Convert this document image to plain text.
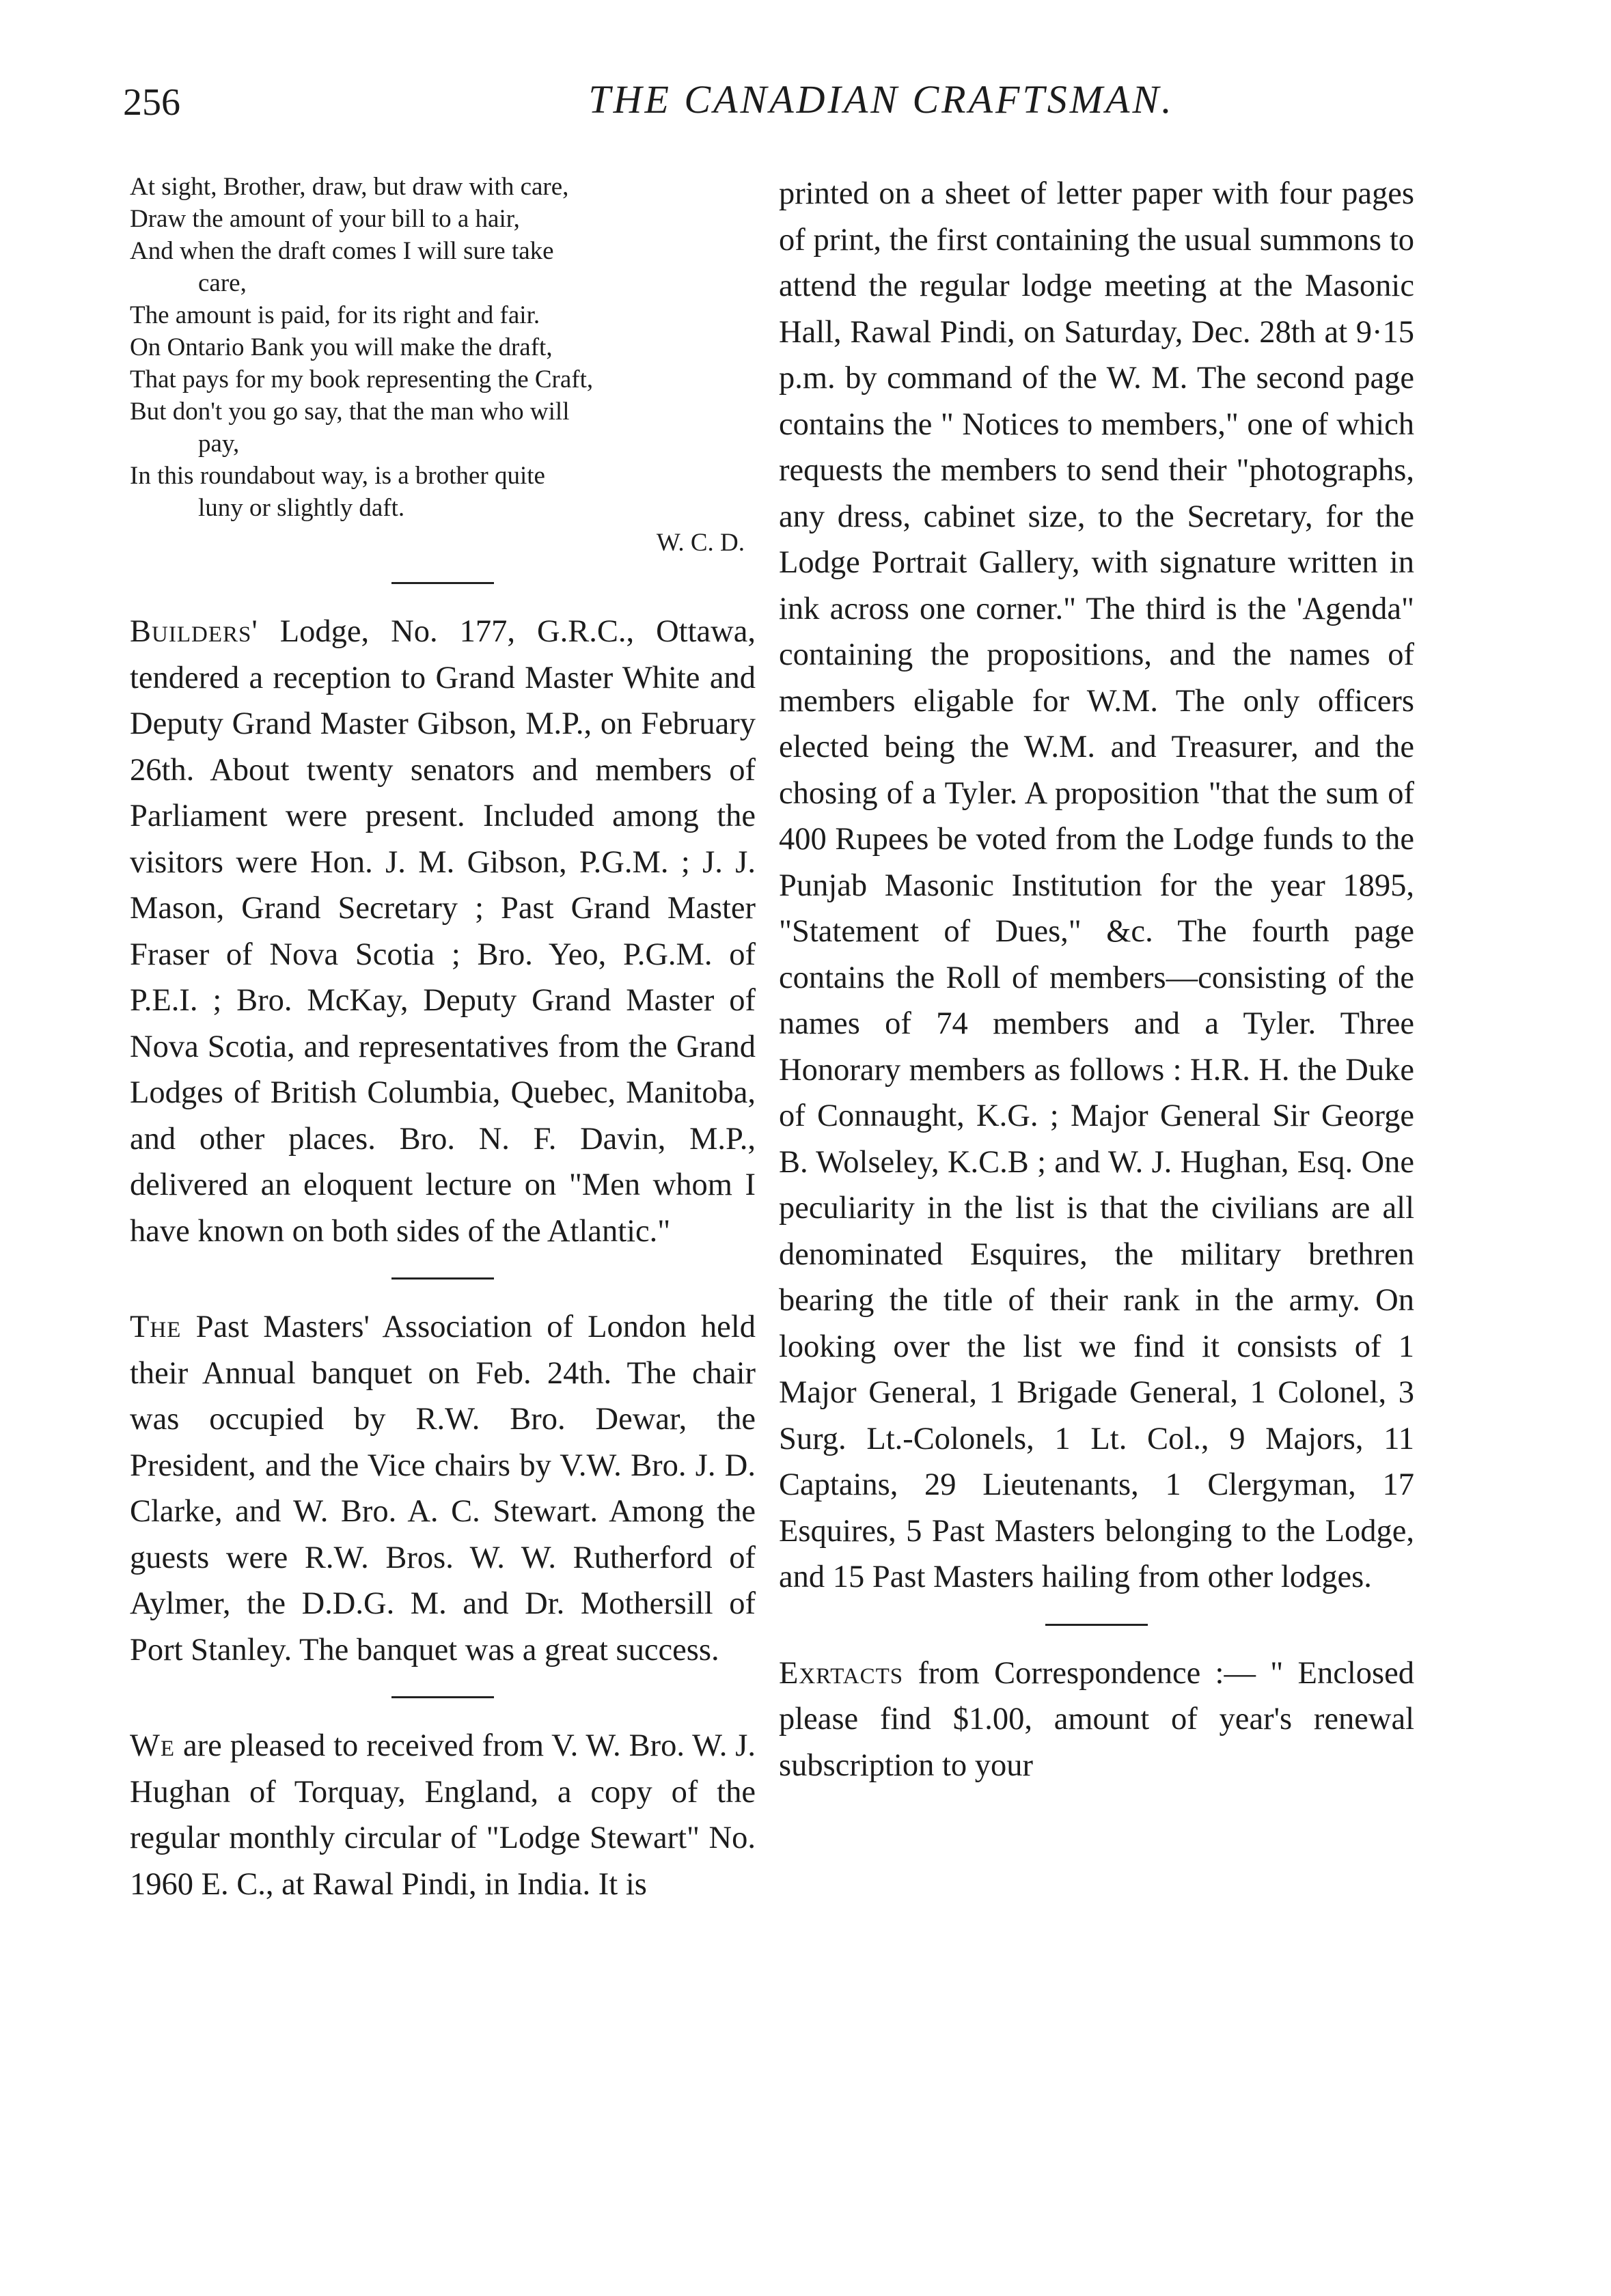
256	THE CANADIAN CRAFTSMAN.
At sight, Brother, draw, but draw with care,
Draw the amount of your bill to a hair,
And when the draft comes I will sure take
care,
The amount is paid, for its right and fair.
On Ontario Bank you will make the draft,
That pays for my book representing the Craft,
But don't you go say, that the man who will
pay,
In this roundabout way, is a brother quite
luny or slightly daft.
W. C. D.

Builders' Lodge, No. 177, G.R.C., Ottawa, tendered a reception to Grand Master White and Deputy Grand Master Gibson, M.P., on February 26th. About twenty senators and members of Parliament were present. Included among the visitors were Hon. J. M. Gibson, P.G.M. ; J. J. Mason, Grand Secretary ; Past Grand Master Fraser of Nova Scotia ; Bro. Yeo, P.G.M. of P.E.I. ; Bro. McKay, Deputy Grand Master of Nova Scotia, and representatives from the Grand Lodges of British Columbia, Quebec, Manitoba, and other places. Bro. N. F. Davin, M.P., delivered an eloquent lecture on "Men whom I have known on both sides of the Atlantic."

The Past Masters' Association of London held their Annual banquet on Feb. 24th. The chair was occupied by R.W. Bro. Dewar, the President, and the Vice chairs by V.W. Bro. J. D. Clarke, and W. Bro. A. C. Stewart. Among the guests were R.W. Bros. W. W. Rutherford of Aylmer, the D.D.G. M. and Dr. Mothersill of Port Stanley. The banquet was a great success.

We are pleased to received from V. W. Bro. W. J. Hughan of Torquay, England, a copy of the regular monthly circular of "Lodge Stewart" No. 1960 E. C., at Rawal Pindi, in India. It is

printed on a sheet of letter paper with four pages of print, the first containing the usual summons to attend the regular lodge meeting at the Masonic Hall, Rawal Pindi, on Saturday, Dec. 28th at 9·15 p.m. by command of the W. M. The second page contains the " Notices to members," one of which requests the members to send their "photographs, any dress, cabinet size, to the Secretary, for the Lodge Portrait Gallery, with signature written in ink across one corner." The third is the 'Agenda" containing the propositions, and the names of members eligable for W.M. The only officers elected being the W.M. and Treasurer, and the chosing of a Tyler. A proposition "that the sum of 400 Rupees be voted from the Lodge funds to the Punjab Masonic Institution for the year 1895, "Statement of Dues," &c. The fourth page contains the Roll of members—consisting of the names of 74 members and a Tyler. Three Honorary members as follows : H.R. H. the Duke of Connaught, K.G. ; Major General Sir George B. Wolseley, K.C.B ; and W. J. Hughan, Esq. One peculiarity in the list is that the civilians are all denominated Esquires, the military brethren bearing the title of their rank in the army. On looking over the list we find it consists of 1 Major General, 1 Brigade General, 1 Colonel, 3 Surg. Lt.-Colonels, 1 Lt. Col., 9 Majors, 11 Captains, 29 Lieutenants, 1 Clergyman, 17 Esquires, 5 Past Masters belonging to the Lodge, and 15 Past Masters hailing from other lodges.

Exrtacts from Correspondence :— " Enclosed please find $1.00, amount of year's renewal subscription to your
